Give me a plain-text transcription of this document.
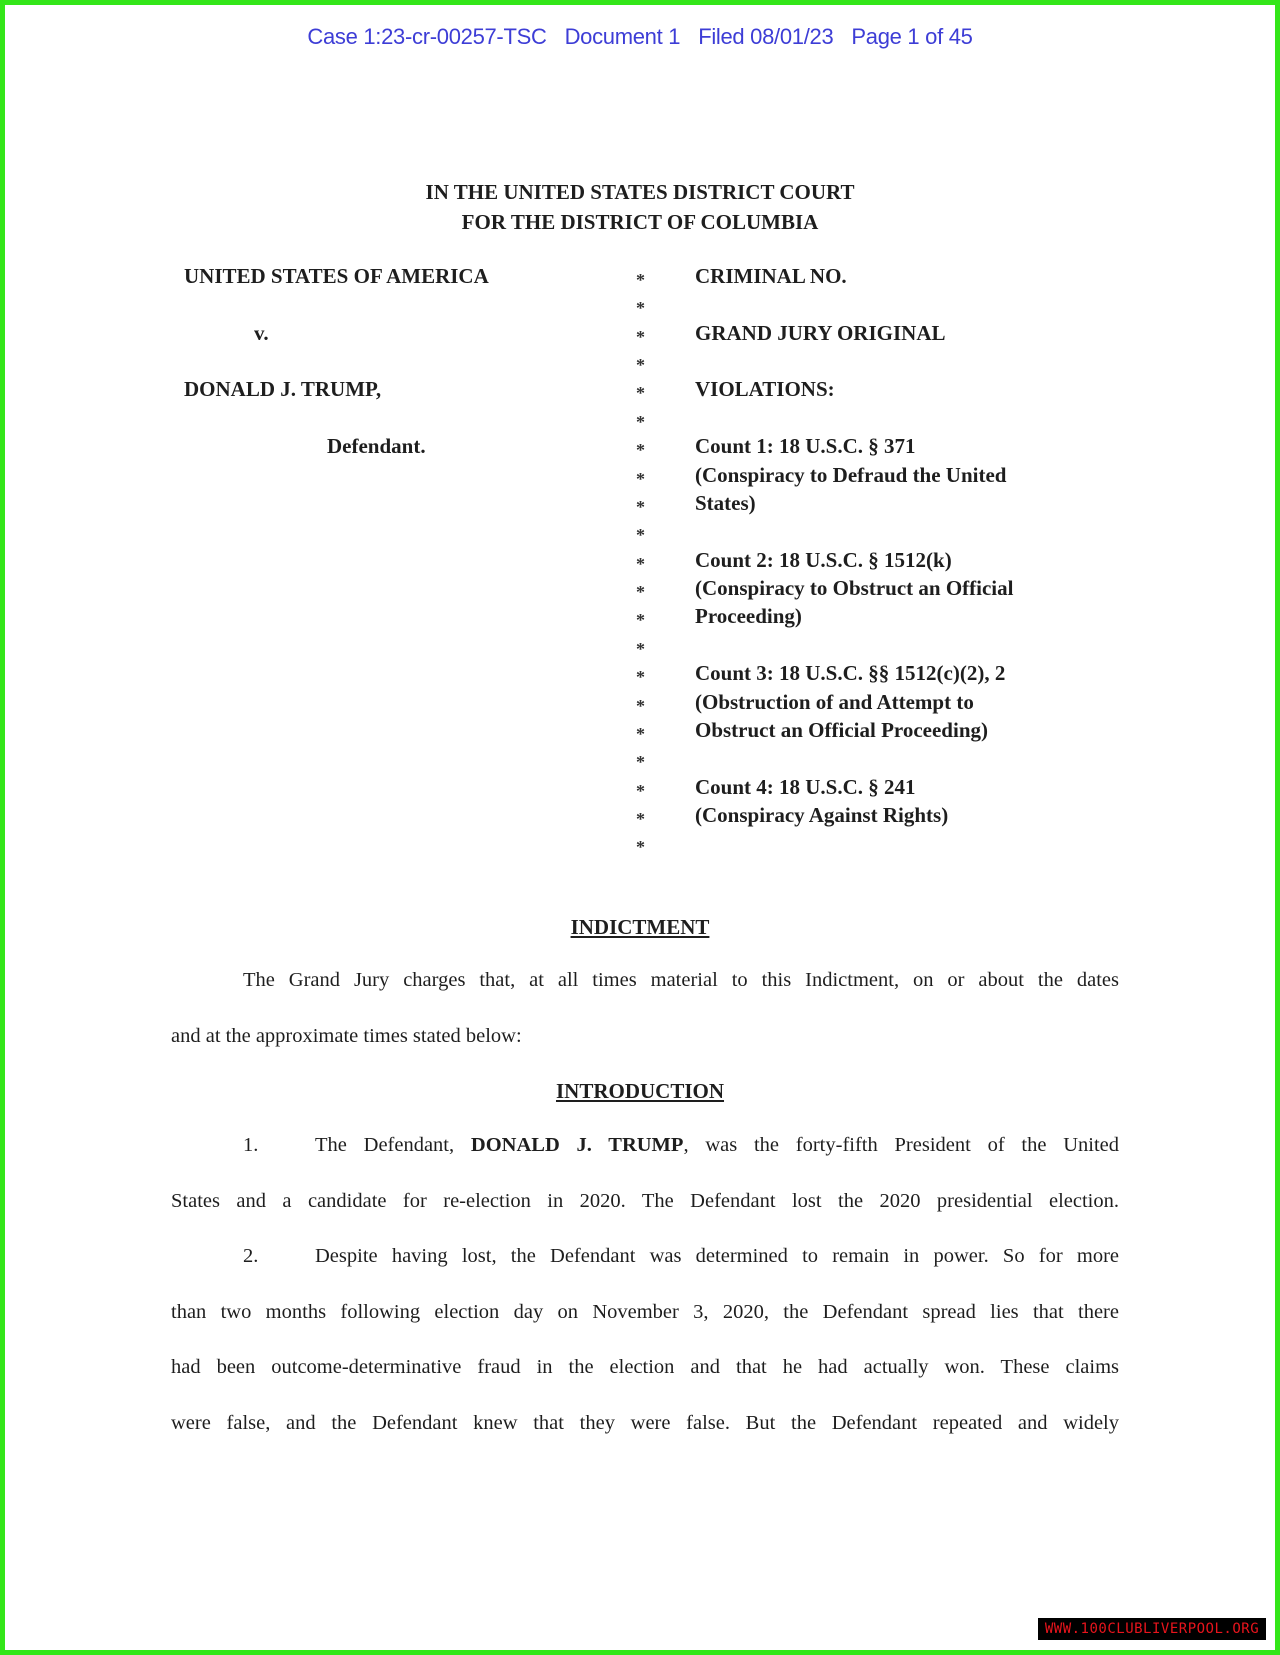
Case 1:23-cr-00257-TSC Document 1 Filed 08/01/23 Page 1 of 45
IN THE UNITED STATES DISTRICT COURT
FOR THE DISTRICT OF COLUMBIA
UNITED STATES OF AMERICA
v.
DONALD J. TRUMP,
Defendant.
*
*
*
*
*
*
*
*
*
*
*
*
*
*
*
*
*
*
*
*
*
CRIMINAL NO.
GRAND JURY ORIGINAL
VIOLATIONS:
Count 1: 18 U.S.C. § 371
(Conspiracy to Defraud the United
States)
Count 2: 18 U.S.C. § 1512(k)
(Conspiracy to Obstruct an Official
Proceeding)
Count 3: 18 U.S.C. §§ 1512(c)(2), 2
(Obstruction of and Attempt to
Obstruct an Official Proceeding)
Count 4: 18 U.S.C. § 241
(Conspiracy Against Rights)
INDICTMENT
The Grand Jury charges that, at all times material to this Indictment, on or about the dates
and at the approximate times stated below:
INTRODUCTION
1.	The Defendant, DONALD J. TRUMP, was the forty-fifth President of the United
States and a candidate for re-election in 2020. The Defendant lost the 2020 presidential election.
2.	Despite having lost, the Defendant was determined to remain in power. So for more
than two months following election day on November 3, 2020, the Defendant spread lies that there
had been outcome-determinative fraud in the election and that he had actually won. These claims
were false, and the Defendant knew that they were false. But the Defendant repeated and widely
WWW.100CLUBLIVERPOOL.ORG
